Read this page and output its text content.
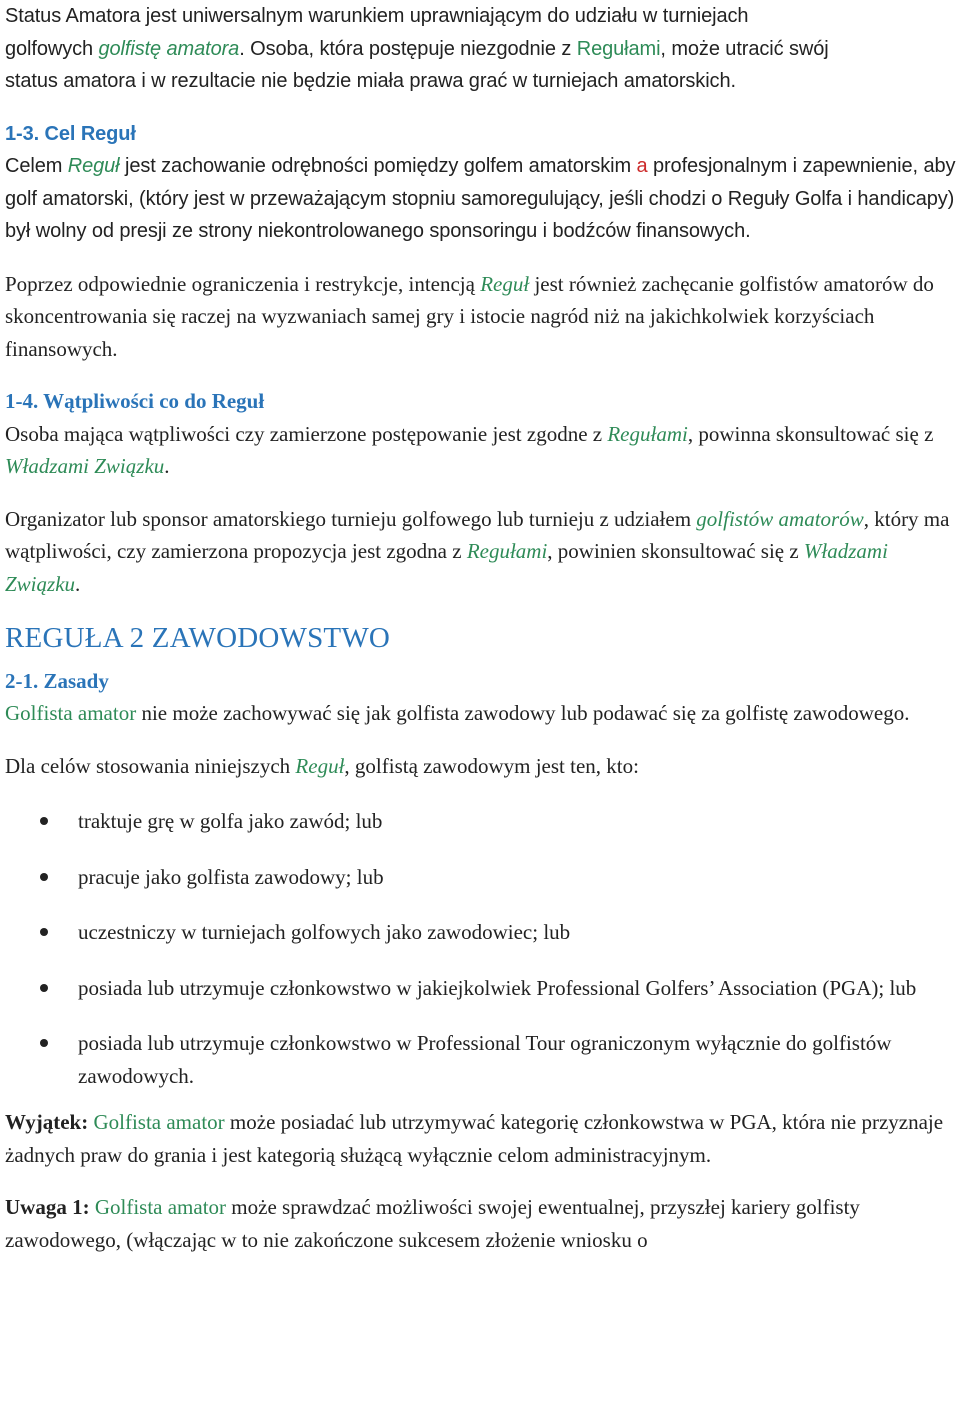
Status Amatora jest uniwersalnym warunkiem uprawniającym do udziału w turniejach
golfowych golfistę amatora. Osoba, która postępuje niezgodnie z Regułami, może utracić swój
status amatora i w rezultacie nie będzie miała prawa grać w turniejach amatorskich.

1-3. Cel Reguł

Celem Reguł jest zachowanie odrębności pomiędzy golfem amatorskim a profesjonalnym i zapewnienie, aby golf amatorski, (który jest w przeważającym stopniu samoregulujący, jeśli chodzi o Reguły Golfa i handicapy) był wolny od presji ze strony niekontrolowanego sponsoringu i bodźców finansowych.

Poprzez odpowiednie ograniczenia i restrykcje, intencją Reguł jest również zachęcanie golfistów amatorów do skoncentrowania się raczej na wyzwaniach samej gry i istocie nagród niż na jakichkolwiek korzyściach finansowych.

1-4. Wątpliwości co do Reguł

Osoba mająca wątpliwości czy zamierzone postępowanie jest zgodne z Regułami, powinna skonsultować się z Władzami Związku.

Organizator lub sponsor amatorskiego turnieju golfowego lub turnieju z udziałem golfistów amatorów, który ma wątpliwości, czy zamierzona propozycja jest zgodna z Regułami, powinien skonsultować się z Władzami Związku.

REGUŁA 2 ZAWODOWSTWO

2-1. Zasady

Golfista amator nie może zachowywać się jak golfista zawodowy lub podawać się za golfistę zawodowego.

Dla celów stosowania niniejszych Reguł, golfistą zawodowym jest ten, kto:

traktuje grę w golfa jako zawód; lub
pracuje jako golfista zawodowy; lub
uczestniczy w turniejach golfowych jako zawodowiec; lub
posiada lub utrzymuje członkowstwo w jakiejkolwiek Professional Golfers’ Association (PGA); lub
posiada lub utrzymuje członkowstwo w Professional Tour ograniczonym wyłącznie do golfistów zawodowych.

Wyjątek: Golfista amator może posiadać lub utrzymywać kategorię członkowstwa w PGA, która nie przyznaje żadnych praw do grania i jest kategorią służącą wyłącznie celom administracyjnym.

Uwaga 1: Golfista amator może sprawdzać możliwości swojej ewentualnej, przyszłej kariery golfisty zawodowego, (włączając w to nie zakończone sukcesem złożenie wniosku o
